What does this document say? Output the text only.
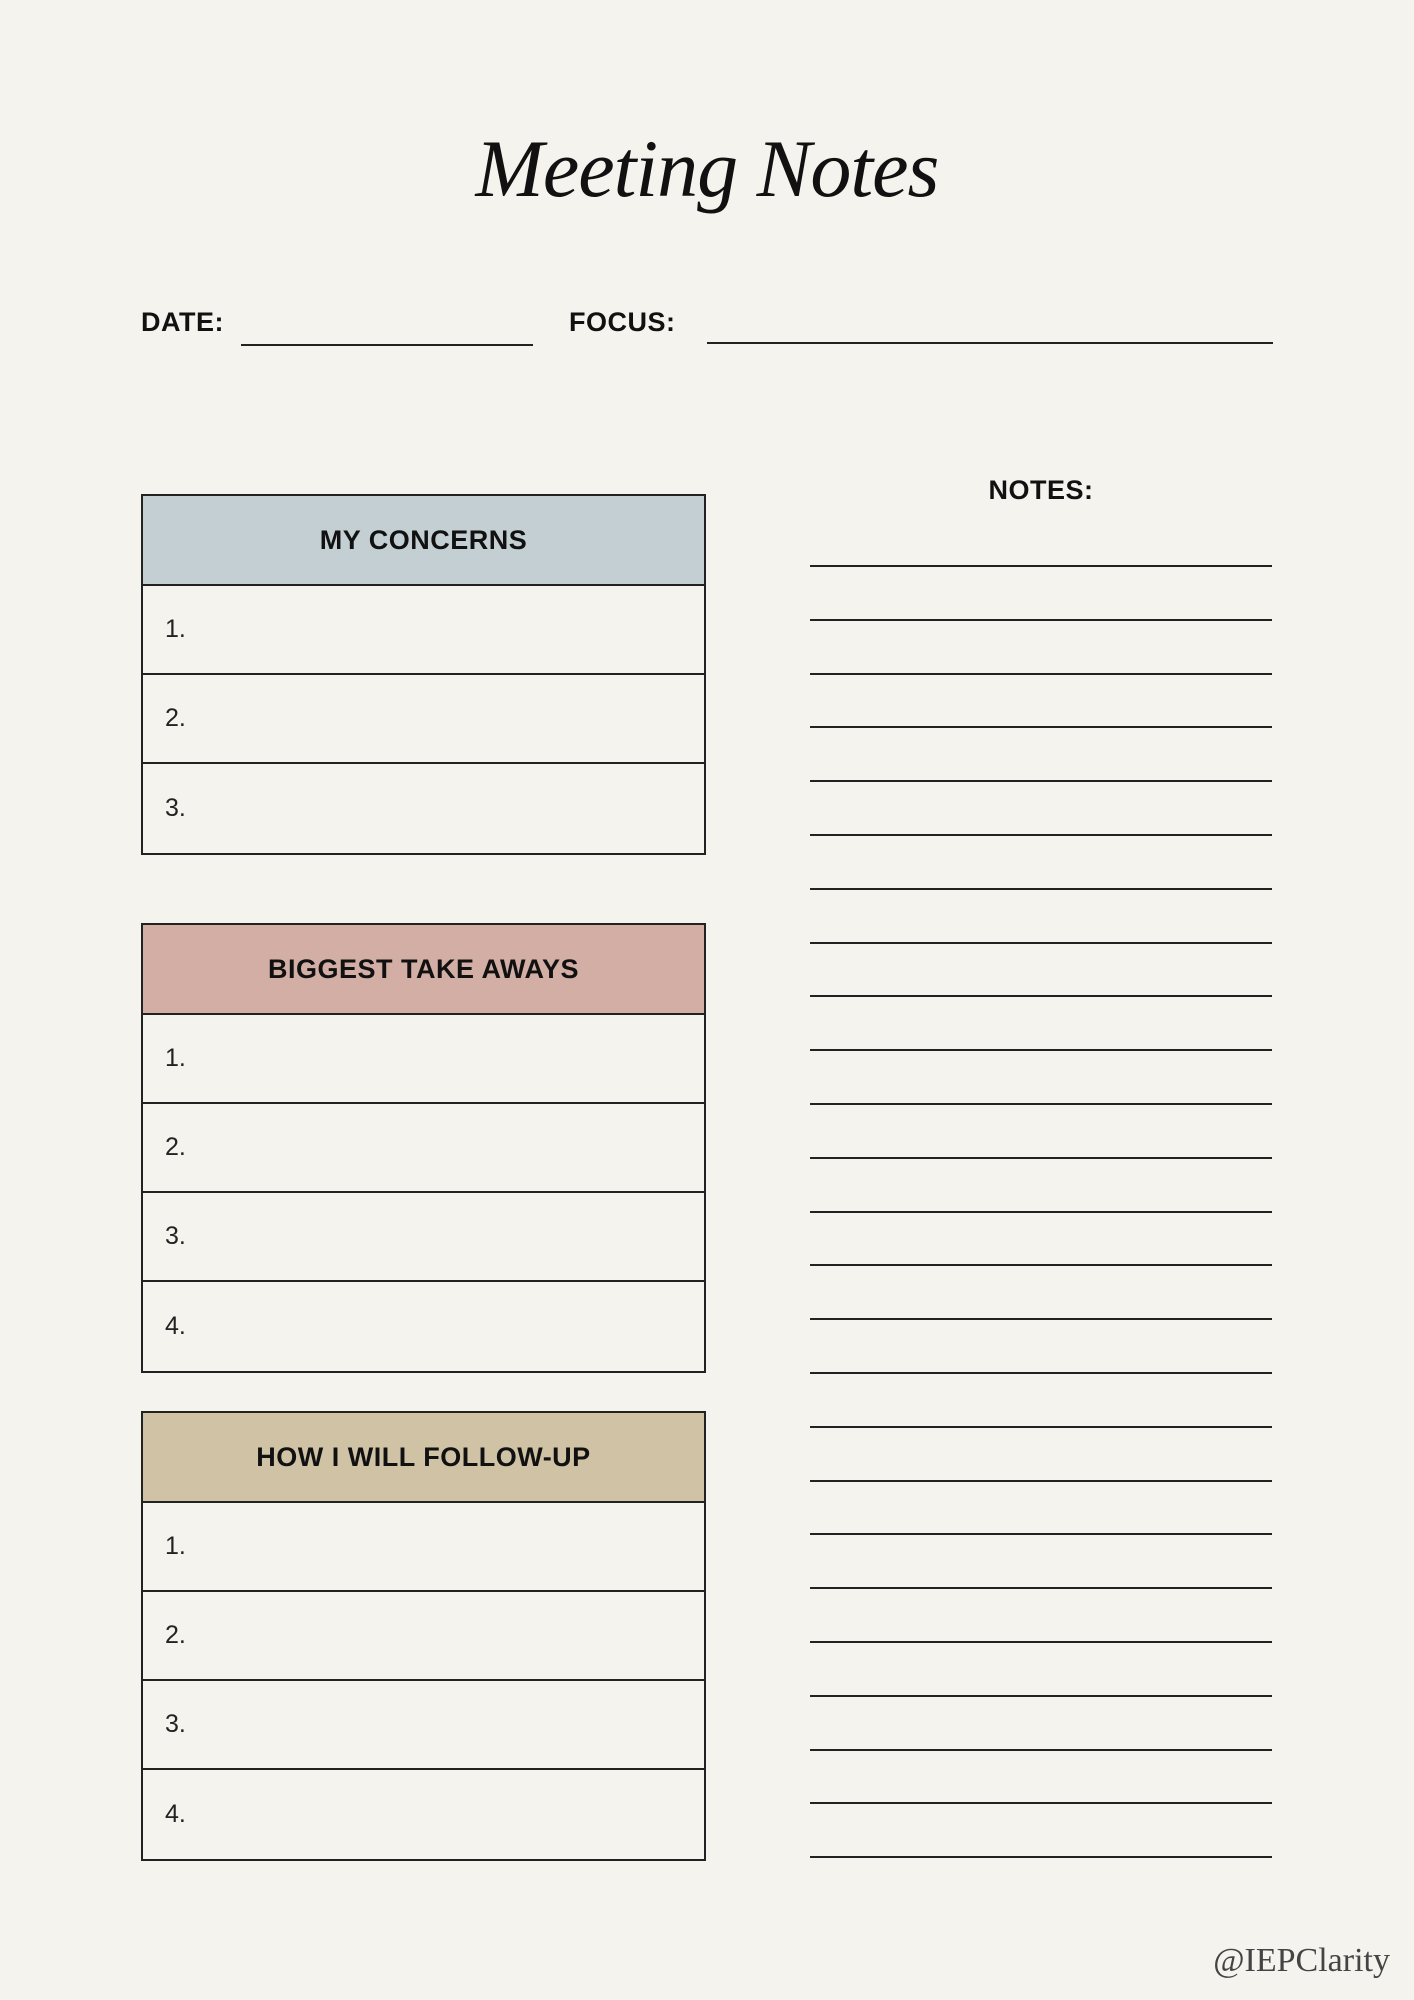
Meeting Notes
DATE:	FOCUS:
MY CONCERNS
1.
2.
3.
BIGGEST TAKE AWAYS
1.
2.
3.
4.
HOW I WILL FOLLOW-UP
1.
2.
3.
4.
NOTES:
@IEPClarity
